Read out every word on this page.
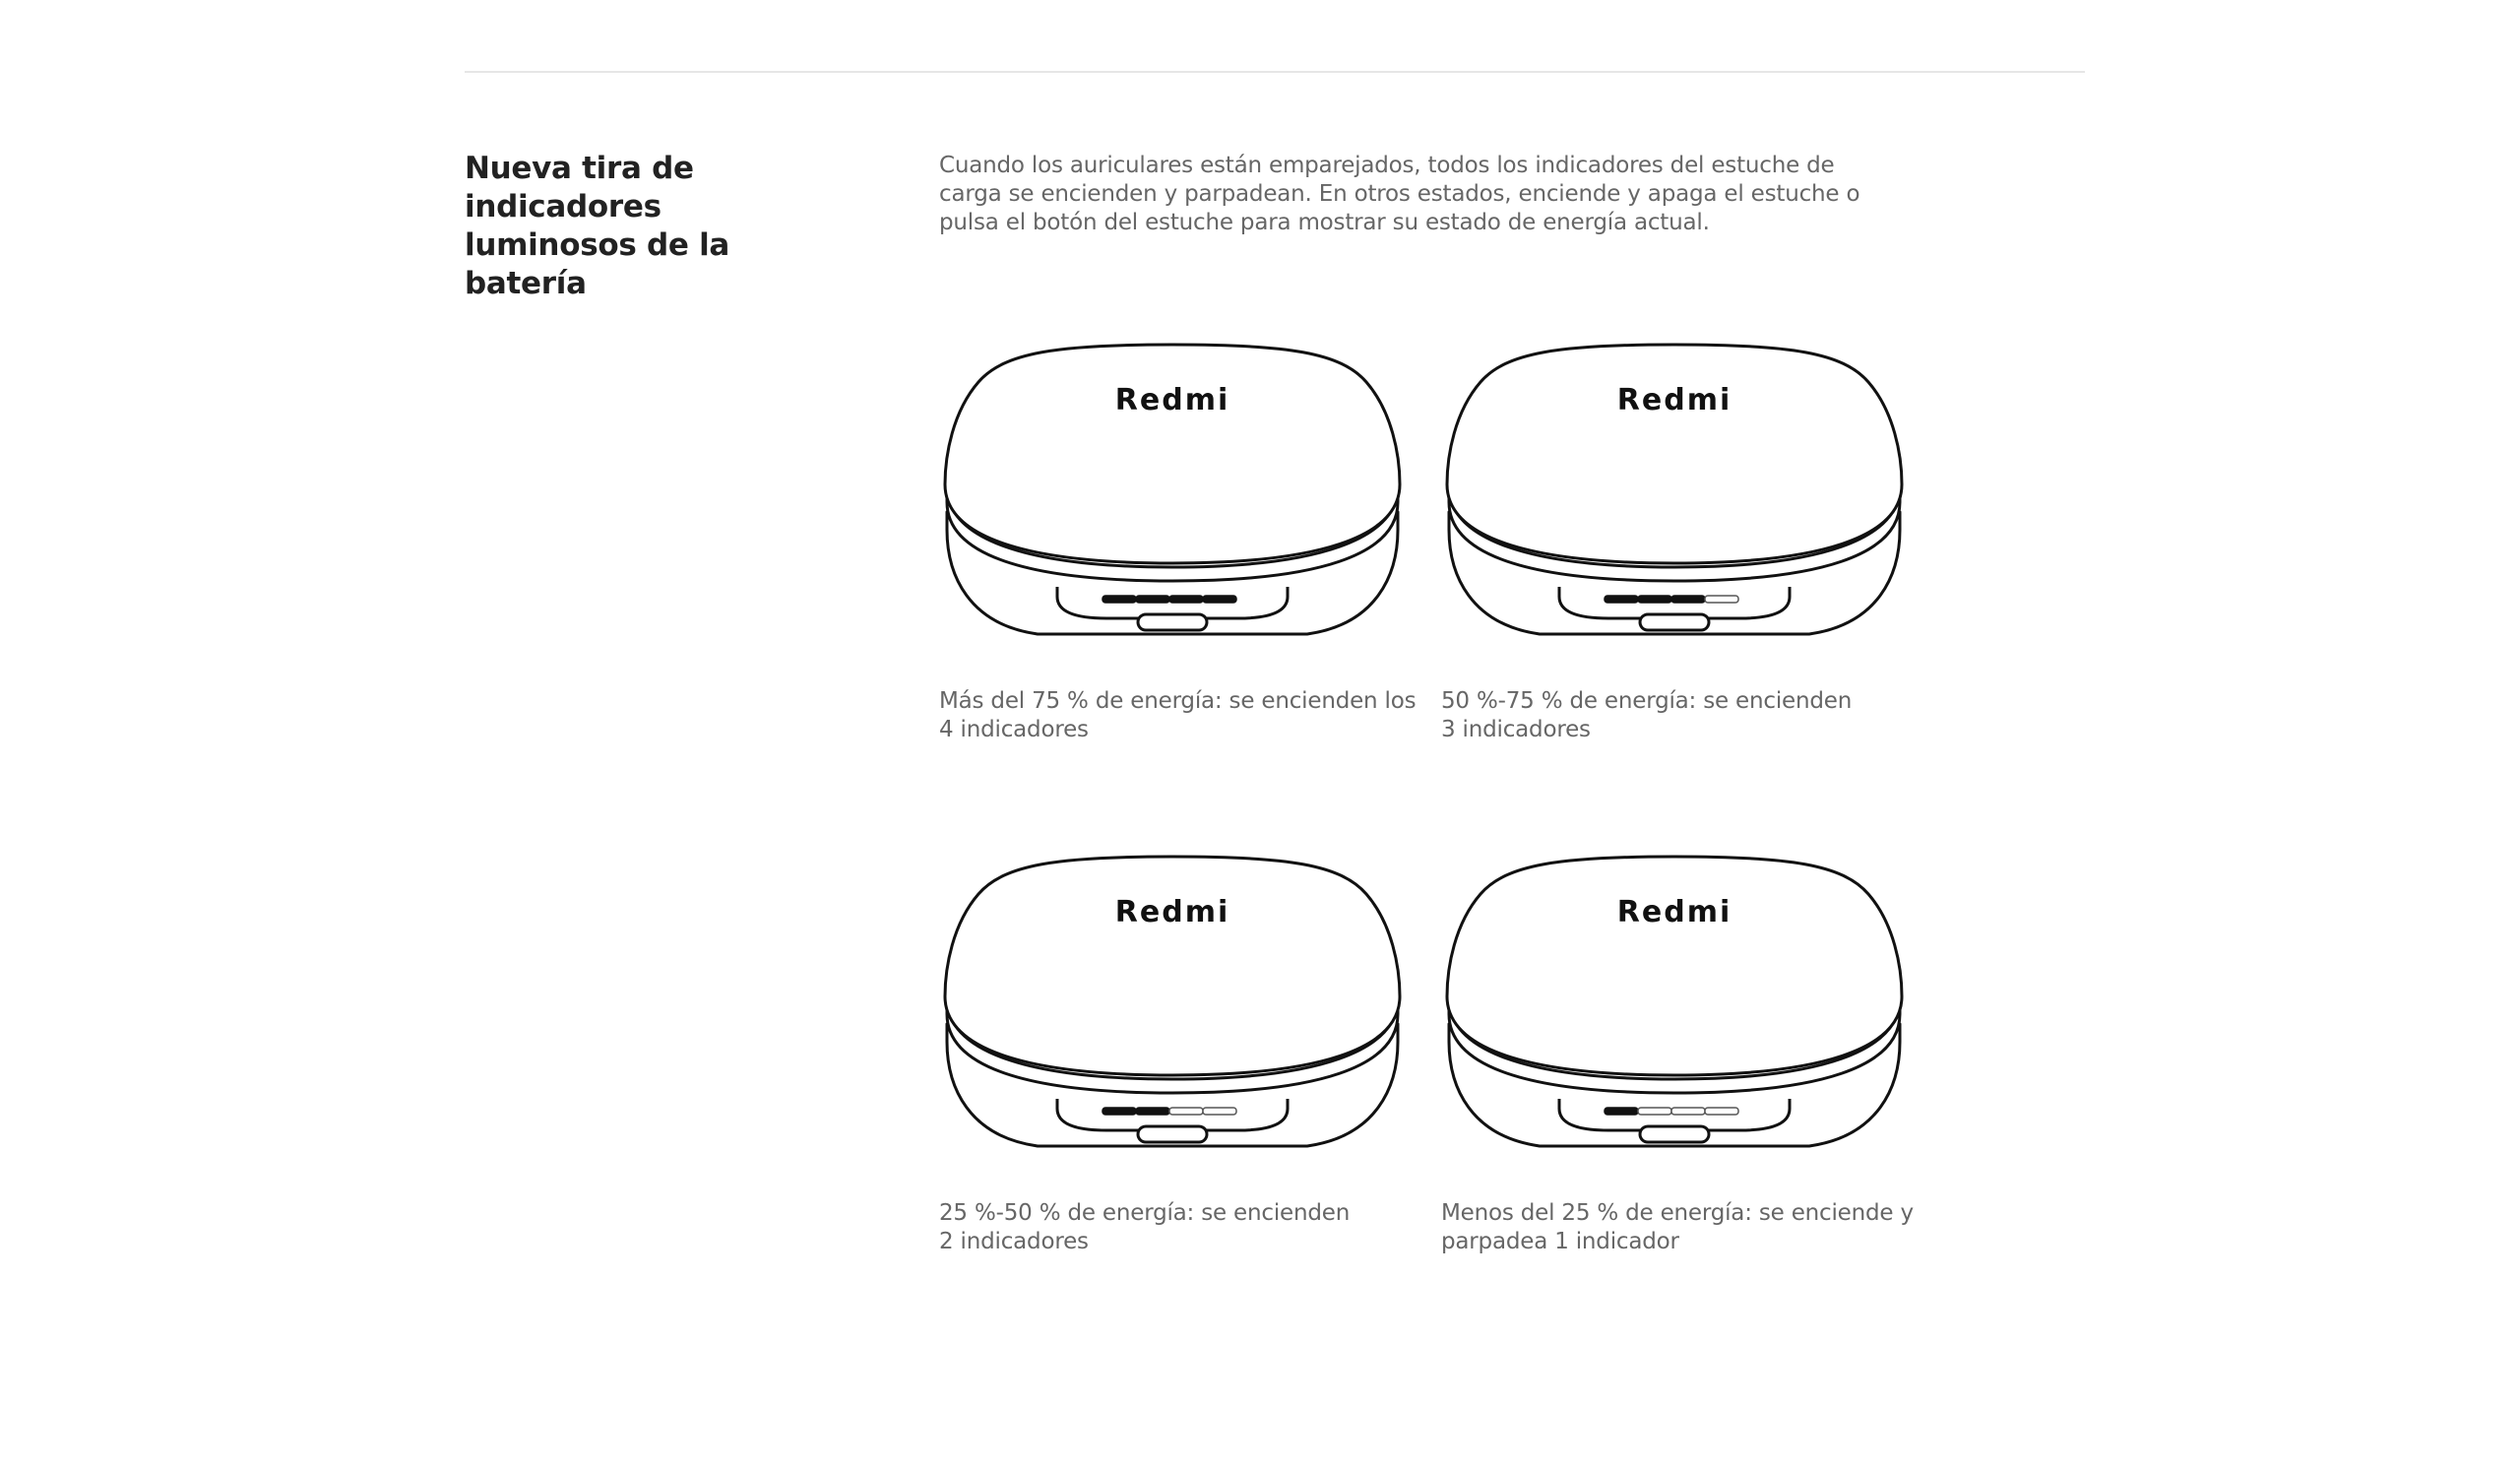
Nueva tira de indicadores luminosos de la batería

Cuando los auriculares están emparejados, todos los indicadores del estuche de carga se encienden y parpadean. En otros estados, enciende y apaga el estuche o pulsa el botón del estuche para mostrar su estado de energía actual.

Redmi

Más del 75 % de energía: se encienden los
4 indicadores

Redmi

50 %-75 % de energía: se encienden
3 indicadores

Redmi

25 %-50 % de energía: se encienden
2 indicadores

Redmi

Menos del 25 % de energía: se enciende y
parpadea 1 indicador
